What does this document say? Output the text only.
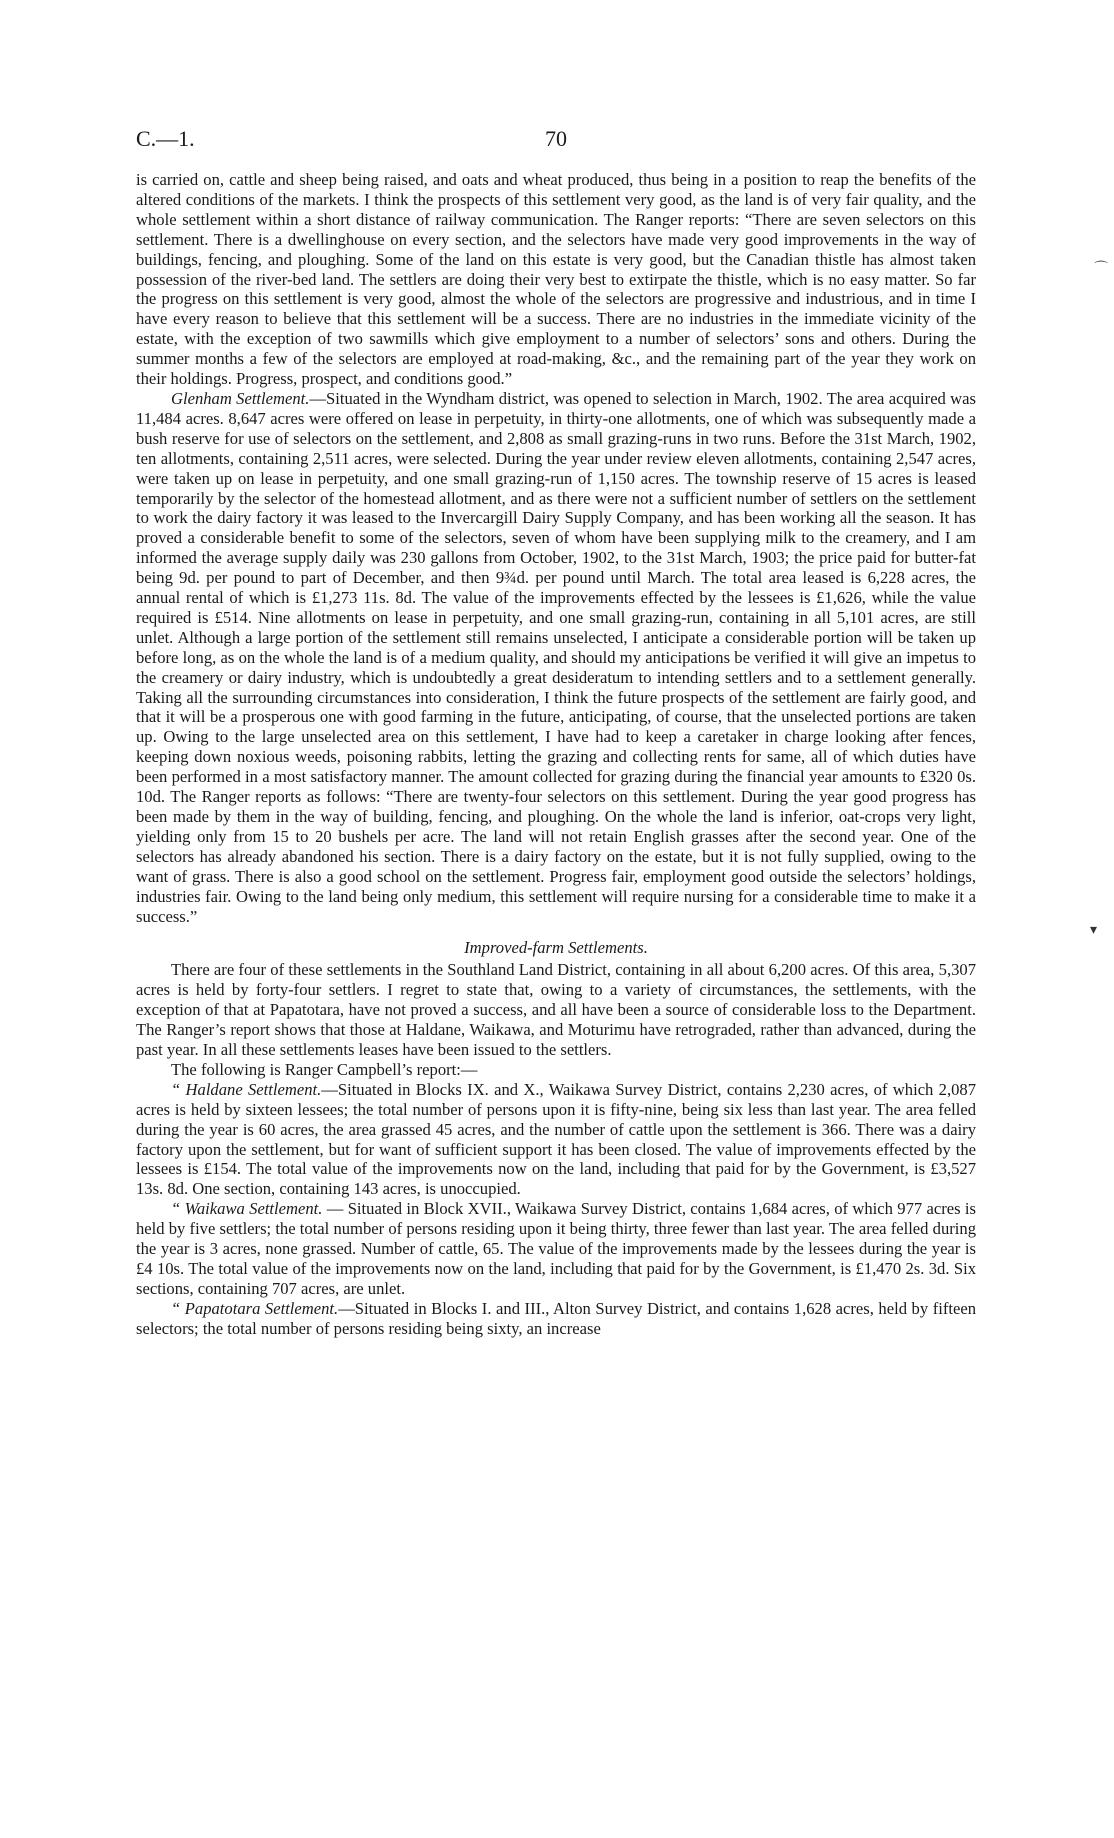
C.—1.	70
⌒
▾

is carried on, cattle and sheep being raised, and oats and wheat produced, thus being in a position to reap the benefits of the altered conditions of the markets. I think the prospects of this settlement very good, as the land is of very fair quality, and the whole settlement within a short distance of railway communication. The Ranger reports: “There are seven selectors on this settlement. There is a dwellinghouse on every section, and the selectors have made very good improvements in the way of buildings, fencing, and ploughing. Some of the land on this estate is very good, but the Canadian thistle has almost taken possession of the river-bed land. The settlers are doing their very best to extirpate the thistle, which is no easy matter. So far the progress on this settlement is very good, almost the whole of the selectors are progressive and industrious, and in time I have every reason to believe that this settlement will be a success. There are no industries in the immediate vicinity of the estate, with the exception of two sawmills which give employment to a number of selectors’ sons and others. During the summer months a few of the selectors are employed at road-making, &c., and the remaining part of the year they work on their holdings. Progress, prospect, and conditions good.”

Glenham Settlement.—Situated in the Wyndham district, was opened to selection in March, 1902. The area acquired was 11,484 acres. 8,647 acres were offered on lease in perpetuity, in thirty-one allotments, one of which was subsequently made a bush reserve for use of selectors on the settlement, and 2,808 as small grazing-runs in two runs. Before the 31st March, 1902, ten allotments, containing 2,511 acres, were selected. During the year under review eleven allotments, containing 2,547 acres, were taken up on lease in perpetuity, and one small grazing-run of 1,150 acres. The township reserve of 15 acres is leased temporarily by the selector of the homestead allotment, and as there were not a sufficient number of settlers on the settlement to work the dairy factory it was leased to the Invercargill Dairy Supply Company, and has been working all the season. It has proved a considerable benefit to some of the selectors, seven of whom have been supplying milk to the creamery, and I am informed the average supply daily was 230 gallons from October, 1902, to the 31st March, 1903; the price paid for butter-fat being 9d. per pound to part of December, and then 9¾d. per pound until March. The total area leased is 6,228 acres, the annual rental of which is £1,273 11s. 8d. The value of the improvements effected by the lessees is £1,626, while the value required is £514. Nine allotments on lease in perpetuity, and one small grazing-run, containing in all 5,101 acres, are still unlet. Although a large portion of the settlement still remains unselected, I anticipate a considerable portion will be taken up before long, as on the whole the land is of a medium quality, and should my anticipations be verified it will give an impetus to the creamery or dairy industry, which is undoubtedly a great desideratum to intending settlers and to a settlement generally. Taking all the surrounding circumstances into consideration, I think the future prospects of the settlement are fairly good, and that it will be a prosperous one with good farming in the future, anticipating, of course, that the unselected portions are taken up. Owing to the large unselected area on this settlement, I have had to keep a caretaker in charge looking after fences, keeping down noxious weeds, poisoning rabbits, letting the grazing and collecting rents for same, all of which duties have been performed in a most satisfactory manner. The amount collected for grazing during the financial year amounts to £320 0s. 10d. The Ranger reports as follows: “There are twenty-four selectors on this settlement. During the year good progress has been made by them in the way of building, fencing, and ploughing. On the whole the land is inferior, oat-crops very light, yielding only from 15 to 20 bushels per acre. The land will not retain English grasses after the second year. One of the selectors has already abandoned his section. There is a dairy factory on the estate, but it is not fully supplied, owing to the want of grass. There is also a good school on the settlement. Progress fair, employment good outside the selectors’ holdings, industries fair. Owing to the land being only medium, this settlement will require nursing for a considerable time to make it a success.”

Improved-farm Settlements.

There are four of these settlements in the Southland Land District, containing in all about 6,200 acres. Of this area, 5,307 acres is held by forty-four settlers. I regret to state that, owing to a variety of circumstances, the settlements, with the exception of that at Papatotara, have not proved a success, and all have been a source of considerable loss to the Department. The Ranger’s report shows that those at Haldane, Waikawa, and Moturimu have retrograded, rather than advanced, during the past year. In all these settlements leases have been issued to the settlers.

The following is Ranger Campbell’s report:—

“ Haldane Settlement.—Situated in Blocks IX. and X., Waikawa Survey District, contains 2,230 acres, of which 2,087 acres is held by sixteen lessees; the total number of persons upon it is fifty-nine, being six less than last year. The area felled during the year is 60 acres, the area grassed 45 acres, and the number of cattle upon the settlement is 366. There was a dairy factory upon the settlement, but for want of sufficient support it has been closed. The value of improvements effected by the lessees is £154. The total value of the improvements now on the land, including that paid for by the Government, is £3,527 13s. 8d. One section, containing 143 acres, is unoccupied.

“ Waikawa Settlement. — Situated in Block XVII., Waikawa Survey District, contains 1,684 acres, of which 977 acres is held by five settlers; the total number of persons residing upon it being thirty, three fewer than last year. The area felled during the year is 3 acres, none grassed. Number of cattle, 65. The value of the improvements made by the lessees during the year is £4 10s. The total value of the improvements now on the land, including that paid for by the Government, is £1,470 2s. 3d. Six sections, containing 707 acres, are unlet.

“ Papatotara Settlement.—Situated in Blocks I. and III., Alton Survey District, and contains 1,628 acres, held by fifteen selectors; the total number of persons residing being sixty, an increase
